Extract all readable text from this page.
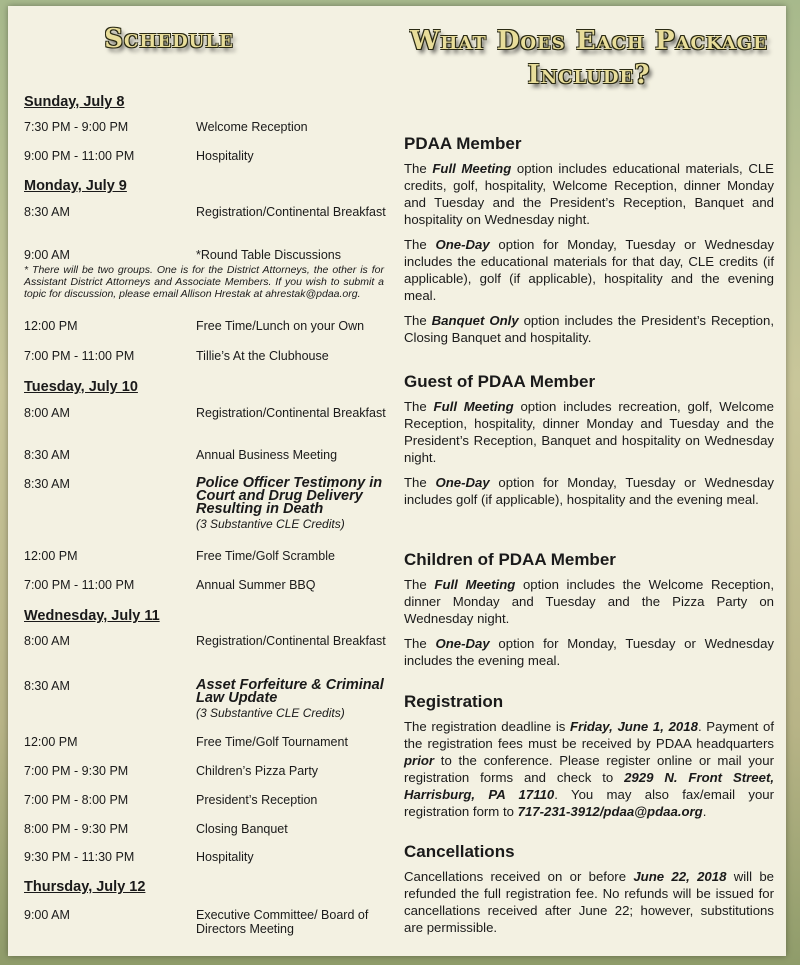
Schedule
Sunday, July 8
7:30 PM - 9:00 PM	Welcome Reception
9:00 PM - 11:00 PM	Hospitality
Monday, July 9
8:30 AM	Registration/Continental Breakfast
9:00 AM	*Round Table Discussions
* There will be two groups. One is for the District Attorneys, the other is for Assistant District Attorneys and Associate Members. If you wish to submit a topic for discussion, please email Allison Hrestak at ahrestak@pdaa.org.
12:00 PM	Free Time/Lunch on your Own
7:00 PM - 11:00 PM	Tillie’s At the Clubhouse
Tuesday, July 10
8:00 AM	Registration/Continental Breakfast
8:30 AM	Annual Business Meeting
8:30 AM	Police Officer Testimony in Court and Drug Delivery Resulting in Death
(3 Substantive CLE Credits)
12:00 PM	Free Time/Golf Scramble
7:00 PM - 11:00 PM	Annual Summer BBQ
Wednesday, July 11
8:00 AM	Registration/Continental Breakfast
8:30 AM	Asset Forfeiture & Criminal Law Update
(3 Substantive CLE Credits)
12:00 PM	Free Time/Golf Tournament
7:00 PM - 9:30 PM	Children’s Pizza Party
7:00 PM - 8:00 PM	President’s Reception
8:00 PM - 9:30 PM	Closing Banquet
9:30 PM - 11:30 PM	Hospitality
Thursday, July 12
9:00 AM	Executive Committee/ Board of Directors Meeting
What Does Each Package Include?
PDAA Member

The Full Meeting option includes educational materials, CLE credits, golf, hospitality, Welcome Reception, dinner Monday and Tuesday and the President’s Reception, Banquet and hospitality on Wednesday night.

The One-Day option for Monday, Tuesday or Wednesday includes the educational materials for that day, CLE credits (if applicable), golf (if applicable), hospitality and the evening meal.

The Banquet Only option includes the President’s Reception, Closing Banquet and hospitality.

Guest of PDAA Member

The Full Meeting option includes recreation, golf, Welcome Reception, hospitality, dinner Monday and Tuesday and the President’s Reception, Banquet and hospitality on Wednesday night.

The One-Day option for Monday, Tuesday or Wednesday includes golf (if applicable), hospitality and the evening meal.

Children of PDAA Member

The Full Meeting option includes the Welcome Reception, dinner Monday and Tuesday and the Pizza Party on Wednesday night.

The One-Day option for Monday, Tuesday or Wednesday includes the evening meal.

Registration

The registration deadline is Friday, June 1, 2018. Payment of the registration fees must be received by PDAA headquarters prior to the conference. Please register online or mail your registration forms and check to 2929 N. Front Street, Harrisburg, PA 17110. You may also fax/email your registration form to 717-231-3912/pdaa@pdaa.org.

Cancellations

Cancellations received on or before June 22, 2018 will be refunded the full registration fee. No refunds will be issued for cancellations received after June 22; however, substitutions are permissible.
